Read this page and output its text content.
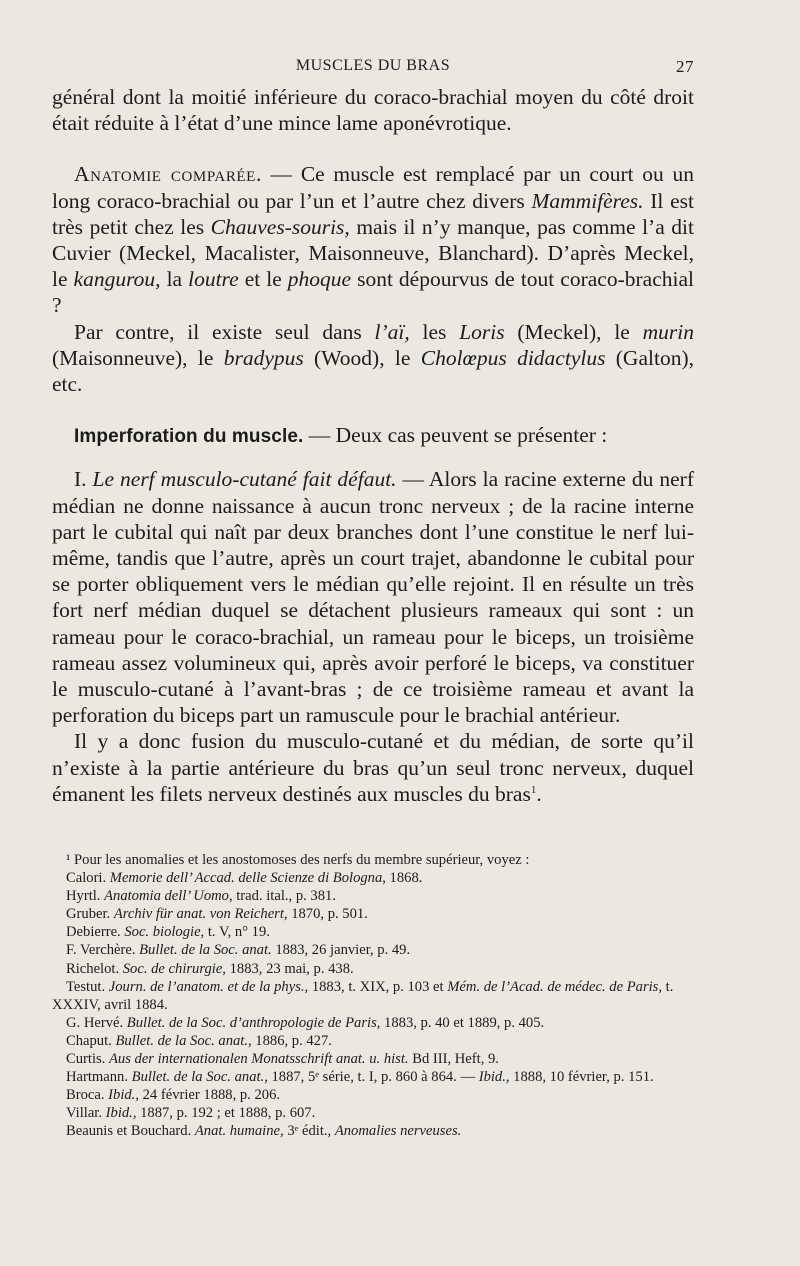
MUSCLES DU BRAS	27

général dont la moitié inférieure du coraco-brachial moyen du côté droit était réduite à l’état d’une mince lame aponévrotique.

Anatomie comparée. — Ce muscle est remplacé par un court ou un long coraco-brachial ou par l’un et l’autre chez divers Mammifères. Il est très petit chez les Chauves-souris, mais il n’y manque, pas comme l’a dit Cuvier (Meckel, Macalister, Maisonneuve, Blanchard). D’après Meckel, le kangurou, la loutre et le phoque sont dépourvus de tout coraco-brachial ?

Par contre, il existe seul dans l’aï, les Loris (Meckel), le murin (Maisonneuve), le bradypus (Wood), le Cholœpus didactylus (Galton), etc.

Imperforation du muscle. — Deux cas peuvent se présenter :

I. Le nerf musculo-cutané fait défaut. — Alors la racine externe du nerf médian ne donne naissance à aucun tronc nerveux ; de la racine interne part le cubital qui naît par deux branches dont l’une constitue le nerf lui-même, tandis que l’autre, après un court trajet, abandonne le cubital pour se porter obliquement vers le médian qu’elle rejoint. Il en résulte un très fort nerf médian duquel se détachent plusieurs rameaux qui sont : un rameau pour le coraco-brachial, un rameau pour le biceps, un troisième rameau assez volumineux qui, après avoir perforé le biceps, va constituer le musculo-cutané à l’avant-bras ; de ce troisième rameau et avant la perforation du biceps part un ramuscule pour le brachial antérieur.

Il y a donc fusion du musculo-cutané et du médian, de sorte qu’il n’existe à la partie antérieure du bras qu’un seul tronc nerveux, duquel émanent les filets nerveux destinés aux muscles du bras$^1$.

¹ Pour les anomalies et les anostomoses des nerfs du membre supérieur, voyez :

Calori. Memorie dell’ Accad. delle Scienze di Bologna, 1868.

Hyrtl. Anatomia dell’ Uomo, trad. ital., p. 381.

Gruber. Archiv für anat. von Reichert, 1870, p. 501.

Debierre. Soc. biologie, t. V, n° 19.

F. Verchère. Bullet. de la Soc. anat. 1883, 26 janvier, p. 49.

Richelot. Soc. de chirurgie, 1883, 23 mai, p. 438.

Testut. Journ. de l’anatom. et de la phys., 1883, t. XIX, p. 103 et Mém. de l’Acad. de médec. de Paris, t. XXXIV, avril 1884.

G. Hervé. Bullet. de la Soc. d’anthropologie de Paris, 1883, p. 40 et 1889, p. 405.

Chaput. Bullet. de la Soc. anat., 1886, p. 427.

Curtis. Aus der internationalen Monatsschrift anat. u. hist. Bd III, Heft, 9.

Hartmann. Bullet. de la Soc. anat., 1887, 5ᵉ série, t. I, p. 860 à 864. — Ibid., 1888, 10 février, p. 151.

Broca. Ibid., 24 février 1888, p. 206.

Villar. Ibid., 1887, p. 192 ; et 1888, p. 607.

Beaunis et Bouchard. Anat. humaine, 3ᵉ édit., Anomalies nerveuses.
